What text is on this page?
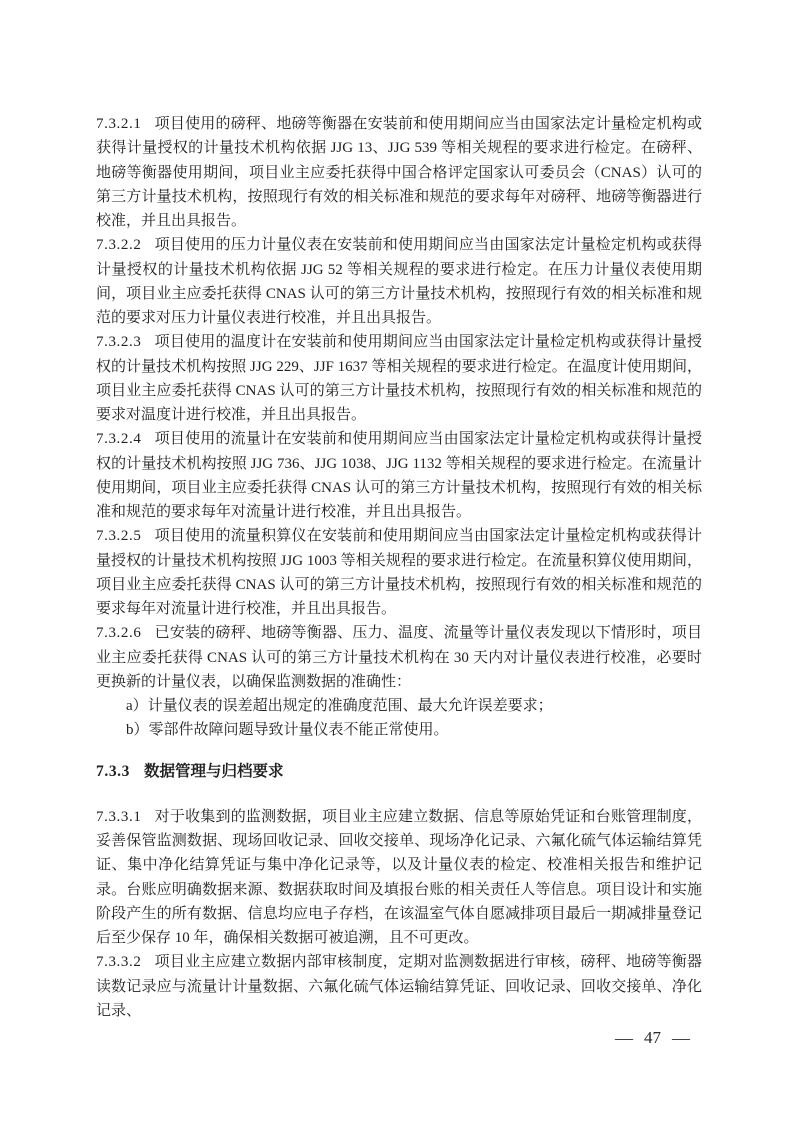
7.3.2.1 项目使用的磅秤、地磅等衡器在安装前和使用期间应当由国家法定计量检定机构或获得计量授权的计量技术机构依据 JJG 13、JJG 539 等相关规程的要求进行检定。在磅秤、地磅等衡器使用期间，项目业主应委托获得中国合格评定国家认可委员会（CNAS）认可的第三方计量技术机构，按照现行有效的相关标准和规范的要求每年对磅秤、地磅等衡器进行校准，并且出具报告。

7.3.2.2 项目使用的压力计量仪表在安装前和使用期间应当由国家法定计量检定机构或获得计量授权的计量技术机构依据 JJG 52 等相关规程的要求进行检定。在压力计量仪表使用期间，项目业主应委托获得 CNAS 认可的第三方计量技术机构，按照现行有效的相关标准和规范的要求对压力计量仪表进行校准，并且出具报告。

7.3.2.3 项目使用的温度计在安装前和使用期间应当由国家法定计量检定机构或获得计量授权的计量技术机构按照 JJG 229、JJF 1637 等相关规程的要求进行检定。在温度计使用期间，项目业主应委托获得 CNAS 认可的第三方计量技术机构，按照现行有效的相关标准和规范的要求对温度计进行校准，并且出具报告。

7.3.2.4 项目使用的流量计在安装前和使用期间应当由国家法定计量检定机构或获得计量授权的计量技术机构按照 JJG 736、JJG 1038、JJG 1132 等相关规程的要求进行检定。在流量计使用期间，项目业主应委托获得 CNAS 认可的第三方计量技术机构，按照现行有效的相关标准和规范的要求每年对流量计进行校准，并且出具报告。

7.3.2.5 项目使用的流量积算仪在安装前和使用期间应当由国家法定计量检定机构或获得计量授权的计量技术机构按照 JJG 1003 等相关规程的要求进行检定。在流量积算仪使用期间，项目业主应委托获得 CNAS 认可的第三方计量技术机构，按照现行有效的相关标准和规范的要求每年对流量计进行校准，并且出具报告。

7.3.2.6 已安装的磅秤、地磅等衡器、压力、温度、流量等计量仪表发现以下情形时，项目业主应委托获得 CNAS 认可的第三方计量技术机构在 30 天内对计量仪表进行校准，必要时更换新的计量仪表，以确保监测数据的准确性：

a）计量仪表的误差超出规定的准确度范围、最大允许误差要求；

b）零部件故障问题导致计量仪表不能正常使用。

7.3.3 数据管理与归档要求

7.3.3.1 对于收集到的监测数据，项目业主应建立数据、信息等原始凭证和台账管理制度，妥善保管监测数据、现场回收记录、回收交接单、现场净化记录、六氟化硫气体运输结算凭证、集中净化结算凭证与集中净化记录等，以及计量仪表的检定、校准相关报告和维护记录。台账应明确数据来源、数据获取时间及填报台账的相关责任人等信息。项目设计和实施阶段产生的所有数据、信息均应电子存档，在该温室气体自愿减排项目最后一期减排量登记后至少保存 10 年，确保相关数据可被追溯，且不可更改。

7.3.3.2 项目业主应建立数据内部审核制度，定期对监测数据进行审核，磅秤、地磅等衡器读数记录应与流量计计量数据、六氟化硫气体运输结算凭证、回收记录、回收交接单、净化记录、

— 47 —
